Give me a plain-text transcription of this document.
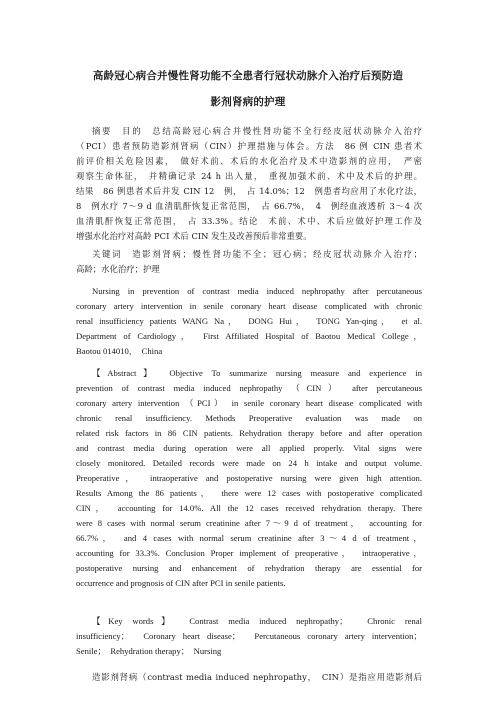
高龄冠心病合并慢性肾功能不全患者行冠状动脉介入治疗后预防造
影剂肾病的护理
摘要　目的　总结高龄冠心病合并慢性肾功能不全行经皮冠状动脉介入治疗
（PCI）患者预防造影剂肾病（CIN）护理措施与体会。方法　86 例 CIN 患者术
前评价相关危险因素，　做好术前、术后的水化治疗及术中造影剂的应用，　严密
观察生命体征，　并精确记录 24 h 出入量，　重视加强术前、术中及术后的护理。
结果　86 例患者术后并发 CIN 12　例，　占 14.0%；12　例患者均应用了水化疗法，
8　例水疗 7～9 d 血清肌酐恢复正常范围，　占 66.7%，　4　例经血液透析 3～4 次
血清肌酐恢复正常范围，　占 33.3%。结论　术前、术中、术后应做好护理工作及
增强水化治疗对高龄 PCI 术后 CIN 发生及改善预后非常重要。
关键词　造影剂肾病；慢性肾功能不全；冠心病；经皮冠状动脉介入治疗；
高龄；水化治疗；护理
Nursing in prevention of contrast media induced nephropathy after percutaneous
coronary artery intervention in senile coronary heart disease complicated with chronic
renal insufficiency patients WANG Na，　DONG Hui，　TONG Yan-qing，　et al.
Department of Cardiology，　First Affiliated Hospital of Baotou Medical College，
Baotou 014010，　China
【Abstract】　Objective To summarize nursing measure and experience in
prevention of contrast media induced nephropathy （CIN） after percutaneous
coronary artery intervention （PCI） in senile coronary heart disease complicated with
chronic renal insufficiency. Methods Preoperative evaluation was made on
related risk factors in 86 CIN patients. Rehydration therapy before and after operation
and contrast media during operation were all applied properly. Vital signs were
closely monitored. Detailed records were made on 24 h intake and output volume.
Preoperative，　intraoperative and postoperative nursing were given high attention.
Results Among the 86 patients，　there were 12 cases with postoperative complicated
CIN，　accounting for 14.0%. All the 12 cases received rehydration therapy. There
were 8 cases with normal serum creatinine after 7～9 d of treatment，　accounting for
66.7%，　and 4 cases with normal serum creatinine after 3～4 d of treatment，
accounting for 33.3%. Conclusion Proper implement of preoperative，　intraoperative，
postoperative nursing and enhancement of rehydration therapy are essential for
occurrence and prognosis of CIN after PCI in senile patients.
【Key words】　Contrast media induced nephropathy；　Chronic renal
insufficiency；　Coronary heart disease；　Percutaneous coronary artery intervention；
Senile；　Rehydration therapy；　Nursing
造影剂肾病（contrast media induced nephropathy，　CIN）是指应用造影剂后
